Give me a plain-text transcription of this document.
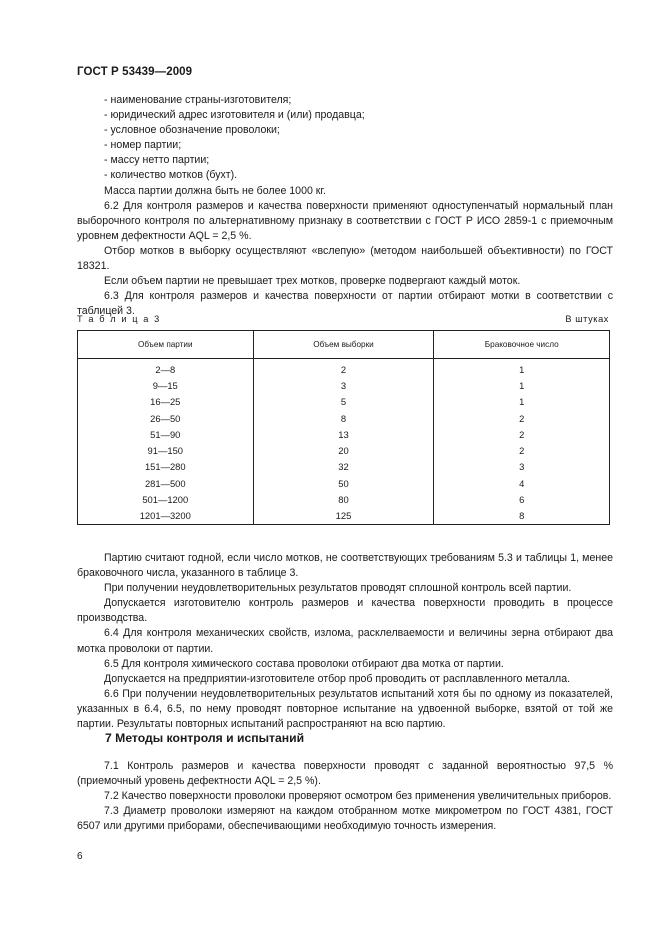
ГОСТ Р 53439—2009

- наименование страны-изготовителя;

- юридический адрес изготовителя и (или) продавца;

- условное обозначение проволоки;

- номер партии;

- массу нетто партии;

- количество мотков (бухт).

Масса партии должна быть не более 1000 кг.

6.2 Для контроля размеров и качества поверхности применяют одноступенчатый нормальный план выборочного контроля по альтернативному признаку в соответствии с ГОСТ Р ИСО 2859-1 с приемочным уровнем дефектности AQL = 2,5 %.

Отбор мотков в выборку осуществляют «вслепую» (методом наибольшей объективности) по ГОСТ 18321.

Если объем партии не превышает трех мотков, проверке подвергают каждый моток.

6.3 Для контроля размеров и качества поверхности от партии отбирают мотки в соответствии с таблицей 3.

Т а б л и ц а 3	В штуках
Объем партии	Объем выборки	Браковочное число
2—8	2	1
9—15	3	1
16—25	5	1
26—50	8	2
51—90	13	2
91—150	20	2
151—280	32	3
281—500	50	4
501—1200	80	6
1201—3200	125	8

Партию считают годной, если число мотков, не соответствующих требованиям 5.3 и таблицы 1, менее браковочного числа, указанного в таблице 3.

При получении неудовлетворительных результатов проводят сплошной контроль всей партии.

Допускается изготовителю контроль размеров и качества поверхности проводить в процессе производства.

6.4 Для контроля механических свойств, излома, расклелваемости и величины зерна отбирают два мотка проволоки от партии.

6.5 Для контроля химического состава проволоки отбирают два мотка от партии.

Допускается на предприятии-изготовителе отбор проб проводить от расплавленного металла.

6.6 При получении неудовлетворительных результатов испытаний хотя бы по одному из показателей, указанных в 6.4, 6.5, по нему проводят повторное испытание на удвоенной выборке, взятой от той же партии. Результаты повторных испытаний распространяют на всю партию.

7 Методы контроля и испытаний

7.1 Контроль размеров и качества поверхности проводят с заданной вероятностью 97,5 % (приемочный уровень дефектности AQL = 2,5 %).

7.2 Качество поверхности проволоки проверяют осмотром без применения увеличительных приборов.

7.3 Диаметр проволоки измеряют на каждом отобранном мотке микрометром по ГОСТ 4381, ГОСТ 6507 или другими приборами, обеспечивающими необходимую точность измерения.

6
